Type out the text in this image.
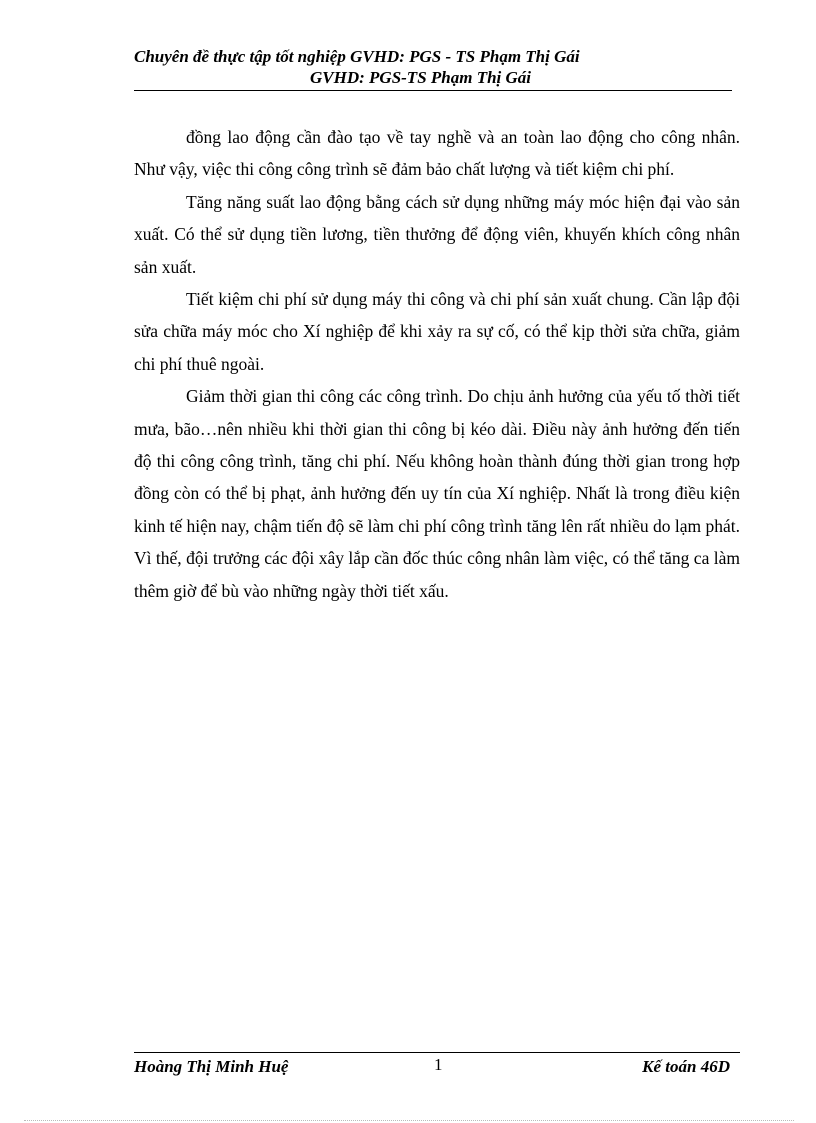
Chuyên đề thực tập tốt nghiệp GVHD: PGS - TS Phạm Thị Gái
GVHD: PGS-TS Phạm Thị Gái

đồng lao động cần đào tạo về tay nghề và an toàn lao động cho công nhân. Như vậy, việc thi công công trình sẽ đảm bảo chất lượng và tiết kiệm chi phí.

Tăng năng suất lao động bằng cách sử dụng những máy móc hiện đại vào sản xuất. Có thể sử dụng tiền lương, tiền thưởng để động viên, khuyến khích công nhân sản xuất.

Tiết kiệm chi phí sử dụng máy thi công và chi phí sản xuất chung. Cần lập đội sửa chữa máy móc cho Xí nghiệp để khi xảy ra sự cố, có thể kịp thời sửa chữa, giảm chi phí thuê ngoài.

Giảm thời gian thi công các công trình. Do chịu ảnh hưởng của yếu tố thời tiết mưa, bão…nên nhiều khi thời gian thi công bị kéo dài. Điều này ảnh hưởng đến tiến độ thi công công trình, tăng chi phí. Nếu không hoàn thành đúng thời gian trong hợp đồng còn có thể bị phạt, ảnh hưởng đến uy tín của Xí nghiệp. Nhất là trong điều kiện kinh tế hiện nay, chậm tiến độ sẽ làm chi phí công trình tăng lên rất nhiều do lạm phát. Vì thế, đội trưởng các đội xây lắp cần đốc thúc công nhân làm việc, có thể tăng ca làm thêm giờ để bù vào những ngày thời tiết xấu.

Hoàng Thị Minh Huệ	1	Kế toán 46D
